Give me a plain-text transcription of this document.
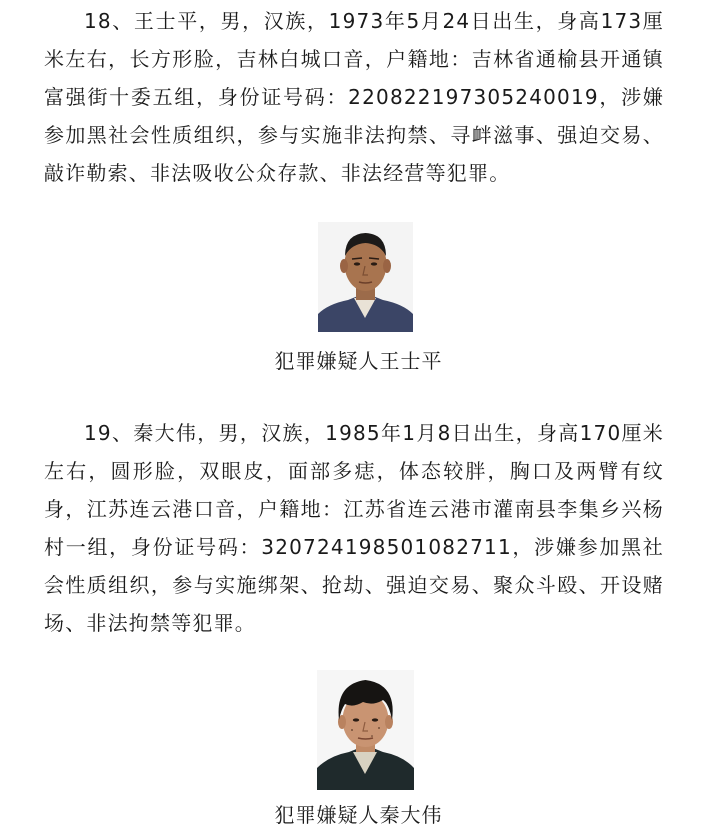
18、王士平，男，汉族，1973年5月24日出生，身高173厘米左右，长方形脸，吉林白城口音，户籍地：吉林省通榆县开通镇富强街十委五组，身份证号码：220822197305240019，涉嫌参加黑社会性质组织，参与实施非法拘禁、寻衅滋事、强迫交易、敲诈勒索、非法吸收公众存款、非法经营等犯罪。

犯罪嫌疑人王士平

19、秦大伟，男，汉族，1985年1月8日出生，身高170厘米左右，圆形脸，双眼皮，面部多痣，体态较胖，胸口及两臂有纹身，江苏连云港口音，户籍地：江苏省连云港市灌南县李集乡兴杨村一组，身份证号码：320724198501082711，涉嫌参加黑社会性质组织，参与实施绑架、抢劫、强迫交易、聚众斗殴、开设赌场、非法拘禁等犯罪。

犯罪嫌疑人秦大伟
